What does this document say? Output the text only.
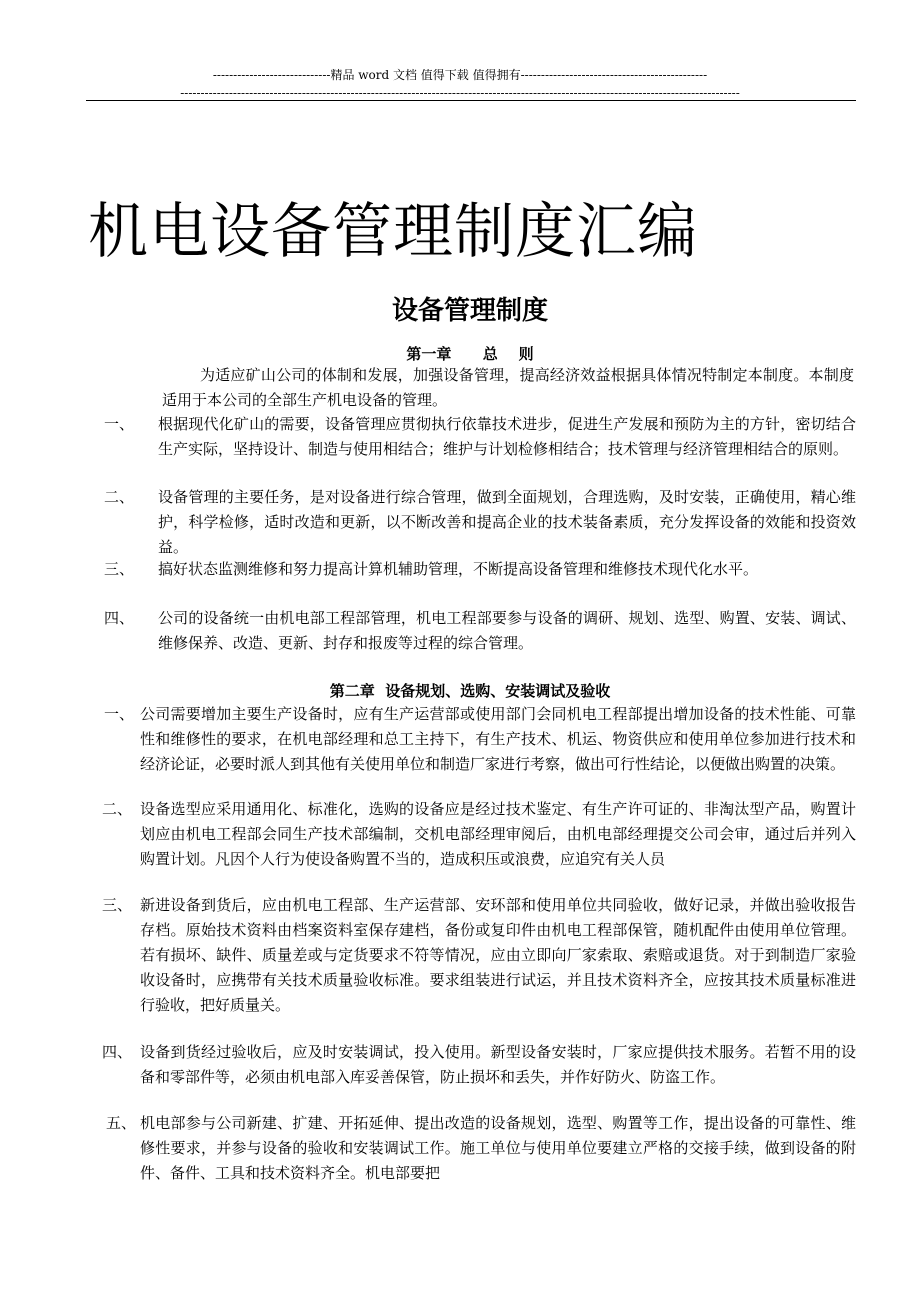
-----------------------------精品 word 文档 值得下载 值得拥有----------------------------------------------
------------------------------------------------------------------------------------------------------------------------------------------
机电设备管理制度汇编
设备管理制度
第一章      总    则
为适应矿山公司的体制和发展，加强设备管理，提高经济效益根据具体情况特制定本制度。本制度适用于本公司的全部生产机电设备的管理。
一、 根据现代化矿山的需要，设备管理应贯彻执行依靠技术进步，促进生产发展和预防为主的方针，密切结合生产实际，坚持设计、制造与使用相结合；维护与计划检修相结合；技术管理与经济管理相结合的原则。
二、 设备管理的主要任务，是对设备进行综合管理，做到全面规划，合理选购，及时安装，正确使用，精心维护，科学检修，适时改造和更新，以不断改善和提高企业的技术装备素质，充分发挥设备的效能和投资效益。
三、 搞好状态监测维修和努力提高计算机辅助管理，不断提高设备管理和维修技术现代化水平。
四、 公司的设备统一由机电部工程部管理，机电工程部要参与设备的调研、规划、选型、购置、安装、调试、维修保养、改造、更新、封存和报废等过程的综合管理。
第二章  设备规划、选购、安装调试及验收
一、 公司需要增加主要生产设备时，应有生产运营部或使用部门会同机电工程部提出增加设备的技术性能、可靠性和维修性的要求，在机电部经理和总工主持下，有生产技术、机运、物资供应和使用单位参加进行技术和经济论证，必要时派人到其他有关使用单位和制造厂家进行考察，做出可行性结论，以便做出购置的决策。
二、 设备选型应采用通用化、标准化，选购的设备应是经过技术鉴定、有生产许可证的、非淘汰型产品，购置计划应由机电工程部会同生产技术部编制，交机电部经理审阅后，由机电部经理提交公司会审，通过后并列入购置计划。凡因个人行为使设备购置不当的，造成积压或浪费，应追究有关人员
三、 新进设备到货后，应由机电工程部、生产运营部、安环部和使用单位共同验收，做好记录，并做出验收报告存档。原始技术资料由档案资料室保存建档，备份或复印件由机电工程部保管，随机配件由使用单位管理。若有损坏、缺件、质量差或与定货要求不符等情况，应由立即向厂家索取、索赔或退货。对于到制造厂家验收设备时，应携带有关技术质量验收标准。要求组装进行试运，并且技术资料齐全，应按其技术质量标准进行验收，把好质量关。
四、 设备到货经过验收后，应及时安装调试，投入使用。新型设备安装时，厂家应提供技术服务。若暂不用的设备和零部件等，必须由机电部入库妥善保管，防止损坏和丢失，并作好防火、防盗工作。
五、 机电部参与公司新建、扩建、开拓延伸、提出改造的设备规划，选型、购置等工作，提出设备的可靠性、维修性要求，并参与设备的验收和安装调试工作。施工单位与使用单位要建立严格的交接手续，做到设备的附件、备件、工具和技术资料齐全。机电部要把
